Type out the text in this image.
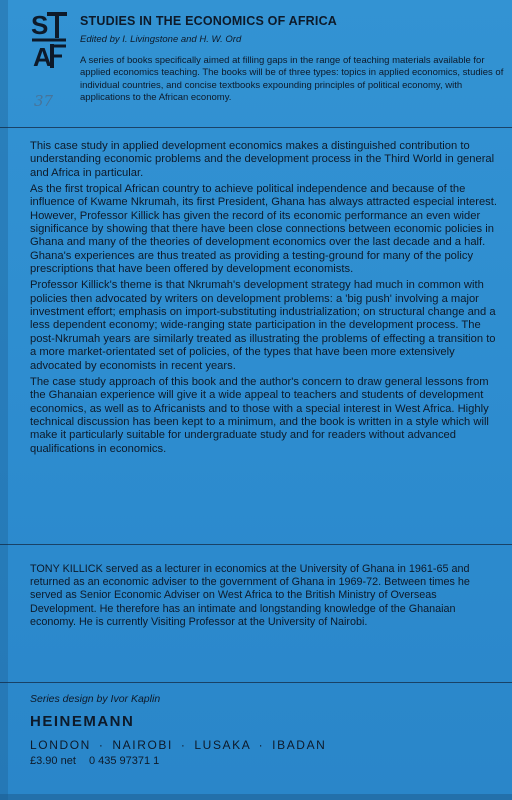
S
A
STUDIES IN THE ECONOMICS OF AFRICA
Edited by I. Livingstone and H. W. Ord
A series of books specifically aimed at filling gaps in the range of teaching materials available for applied economics teaching. The books will be of three types: topics in applied economics, studies of individual countries, and concise textbooks expounding principles of political economy, with applications to the African economy.
37

This case study in applied development economics makes a distinguished contribution to understanding economic problems and the development process in the Third World in general and Africa in particular.

As the first tropical African country to achieve political independence and because of the influence of Kwame Nkrumah, its first President, Ghana has always attracted especial interest. However, Professor Killick has given the record of its economic performance an even wider significance by showing that there have been close connections between economic policies in Ghana and many of the theories of development economics over the last decade and a half. Ghana's experiences are thus treated as providing a testing-ground for many of the policy prescriptions that have been offered by development economists.

Professor Killick's theme is that Nkrumah's development strategy had much in common with policies then advocated by writers on development problems: a 'big push' involving a major investment effort; emphasis on import-substituting industrialization; on structural change and a less dependent economy; wide-ranging state participation in the development process. The post-Nkrumah years are similarly treated as illustrating the problems of effecting a transition to a more market-orientated set of policies, of the types that have been more extensively advocated by economists in recent years.

The case study approach of this book and the author's concern to draw general lessons from the Ghanaian experience will give it a wide appeal to teachers and students of development economics, as well as to Africanists and to those with a special interest in West Africa. Highly technical discussion has been kept to a minimum, and the book is written in a style which will make it particularly suitable for undergraduate study and for readers without advanced qualifications in economics.

TONY KILLICK served as a lecturer in economics at the University of Ghana in 1961-65 and returned as an economic adviser to the government of Ghana in 1969-72. Between times he served as Senior Economic Adviser on West Africa to the British Ministry of Overseas Development. He therefore has an intimate and longstanding knowledge of the Ghanaian economy. He is currently Visiting Professor at the University of Nairobi.

Series design by Ivor Kaplin
HEINEMANN
LONDON · NAIROBI · LUSAKA · IBADAN
£3.90 net 0 435 97371 1
